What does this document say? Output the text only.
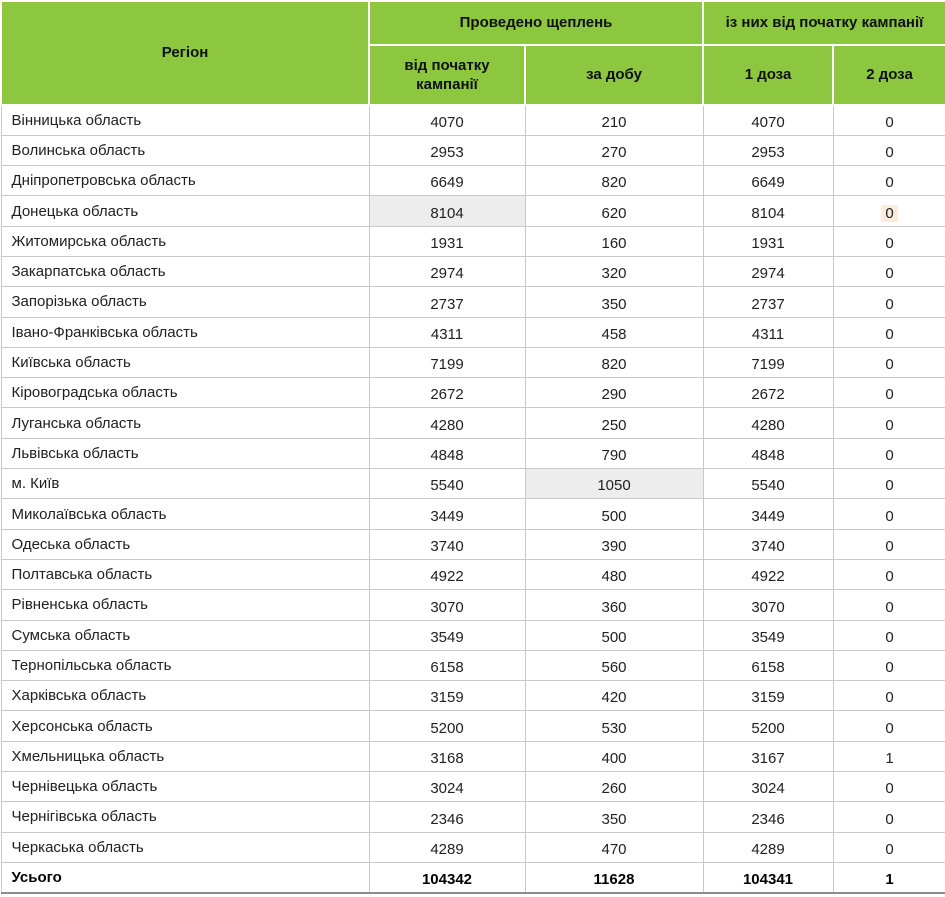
Регіон	Проведено щеплень		із них від початку кампанії	
	від початку кампанії	за добу	1 доза	2 доза
Вінницька область	4070	210	4070	0
Волинська область	2953	270	2953	0
Дніпропетровська область	6649	820	6649	0
Донецька область	8104	620	8104	0
Житомирська область	1931	160	1931	0
Закарпатська область	2974	320	2974	0
Запорізька область	2737	350	2737	0
Івано-Франківська область	4311	458	4311	0
Київська область	7199	820	7199	0
Кіровоградська область	2672	290	2672	0
Луганська область	4280	250	4280	0
Львівська область	4848	790	4848	0
м. Київ	5540	1050	5540	0
Миколаївська область	3449	500	3449	0
Одеська область	3740	390	3740	0
Полтавська область	4922	480	4922	0
Рівненська область	3070	360	3070	0
Сумська область	3549	500	3549	0
Тернопільська область	6158	560	6158	0
Харківська область	3159	420	3159	0
Херсонська область	5200	530	5200	0
Хмельницька область	3168	400	3167	1
Чернівецька область	3024	260	3024	0
Чернігівська область	2346	350	2346	0
Черкаська область	4289	470	4289	0
Усього	104342	11628	104341	1
